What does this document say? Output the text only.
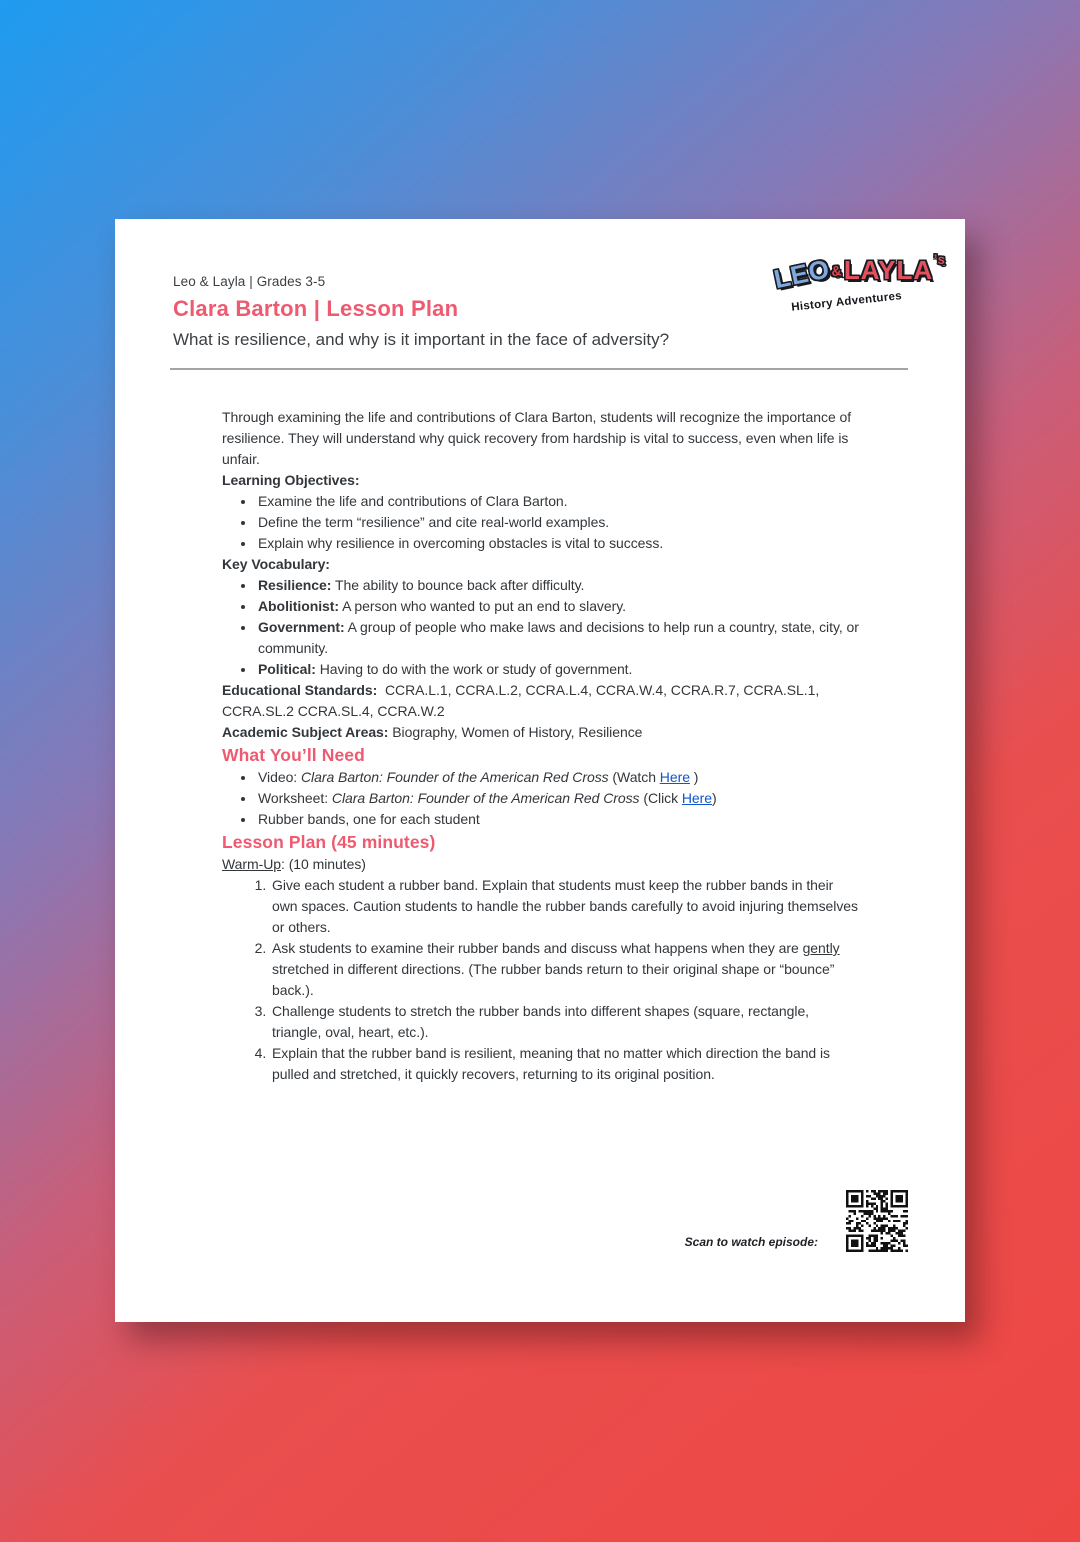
Leo & Layla | Grades 3-5
Clara Barton | Lesson Plan
What is resilience, and why is it important in the face of adversity?
LEO&LAYLA’s
History Adventures

Through examining the life and contributions of Clara Barton, students will recognize the importance of resilience. They will understand why quick recovery from hardship is vital to success, even when life is unfair.

Learning Objectives:

• Examine the life and contributions of Clara Barton.
• Define the term “resilience” and cite real-world examples.
• Explain why resilience in overcoming obstacles is vital to success.

Key Vocabulary:

• Resilience: The ability to bounce back after difficulty.
• Abolitionist: A person who wanted to put an end to slavery.
• Government: A group of people who make laws and decisions to help run a country, state, city, or community.
• Political: Having to do with the work or study of government.

Educational Standards: CCRA.L.1, CCRA.L.2, CCRA.L.4, CCRA.W.4, CCRA.R.7, CCRA.SL.1, CCRA.SL.2 CCRA.SL.4, CCRA.W.2

Academic Subject Areas: Biography, Women of History, Resilience

What You’ll Need

• Video: Clara Barton: Founder of the American Red Cross (Watch Here )
• Worksheet: Clara Barton: Founder of the American Red Cross (Click Here)
• Rubber bands, one for each student

Lesson Plan (45 minutes)

Warm-Up: (10 minutes)

1. Give each student a rubber band. Explain that students must keep the rubber bands in their own spaces. Caution students to handle the rubber bands carefully to avoid injuring themselves or others.
2. Ask students to examine their rubber bands and discuss what happens when they are gently stretched in different directions. (The rubber bands return to their original shape or “bounce” back.).
3. Challenge students to stretch the rubber bands into different shapes (square, rectangle, triangle, oval, heart, etc.).
4. Explain that the rubber band is resilient, meaning that no matter which direction the band is pulled and stretched, it quickly recovers, returning to its original position.
Scan to watch episode:
